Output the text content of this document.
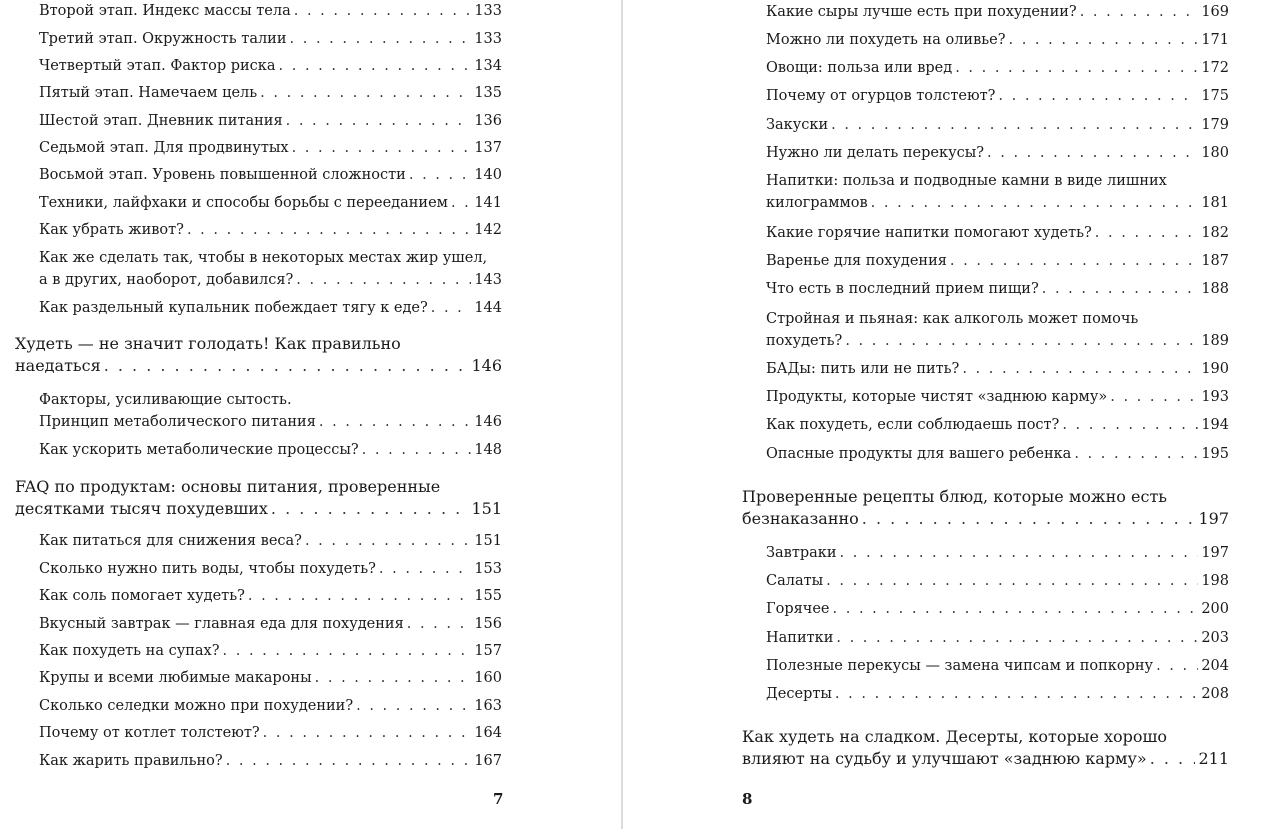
Второй этап. Индекс массы тела . . .	133
Третий этап. Окружность талии . . .	133
Четвертый этап. Фактор риска . . .	134
Пятый этап. Намечаем цель . . .	135
Шестой этап. Дневник питания . . .	136
Седьмой этап. Для продвинутых . . .	137
Восьмой этап. Уровень повышенной сложности . . .	140
Техники, лайфхаки и способы борьбы с перееданием . . . 141
Как убрать живот? . . .	142
Как же сделать так, чтобы в некоторых местах жир ушел,
а в других, наоборот, добавился? . . .	143
Как раздельный купальник побеждает тягу к еде? . . .	144
Худеть — не значит голодать! Как правильно
наедаться . . .	146
Факторы, усиливающие сытость.
Принцип метаболического питания . . .	146
Как ускорить метаболические процессы? . . .	148
FAQ по продуктам: основы питания, проверенные
десятками тысяч похудевших . . .	151
Как питаться для снижения веса? . . .	151
Сколько нужно пить воды, чтобы похудеть? . . .	153
Как соль помогает худеть? . . .	155
Вкусный завтрак — главная еда для похудения . . .	156
Как похудеть на супах? . . .	157
Крупы и всеми любимые макароны . . .	160
Сколько селедки можно при похудении? . . .	163
Почему от котлет толстеют? . . .	164
Как жарить правильно? . . .	167
Какие сыры лучше есть при похудении? . . .	169
Можно ли похудеть на оливье? . . .	171
Овощи: польза или вред . . .	172
Почему от огурцов толстеют? . . .	175
Закуски . . .	179
Нужно ли делать перекусы? . . .	180
Напитки: польза и подводные камни в виде лишних
килограммов . . .	181
Какие горячие напитки помогают худеть? . . .	182
Варенье для похудения . . .	187
Что есть в последний прием пищи? . . .	188
Стройная и пьяная: как алкоголь может помочь
похудеть? . . .	189
БАДы: пить или не пить? . . .	190
Продукты, которые чистят «заднюю карму» . . .	193
Как похудеть, если соблюдаешь пост? . . .	194
Опасные продукты для вашего ребенка . . .	195
Проверенные рецепты блюд, которые можно есть
безнаказанно . . .	197
Завтраки . . .	197
Салаты . . .	198
Горячее . . .	200
Напитки . . .	203
Полезные перекусы — замена чипсам и попкорну . . .	204
Десерты . . .	208
Как худеть на сладком. Десерты, которые хорошо
влияют на судьбу и улучшают «заднюю карму» . . .	211
7	8
